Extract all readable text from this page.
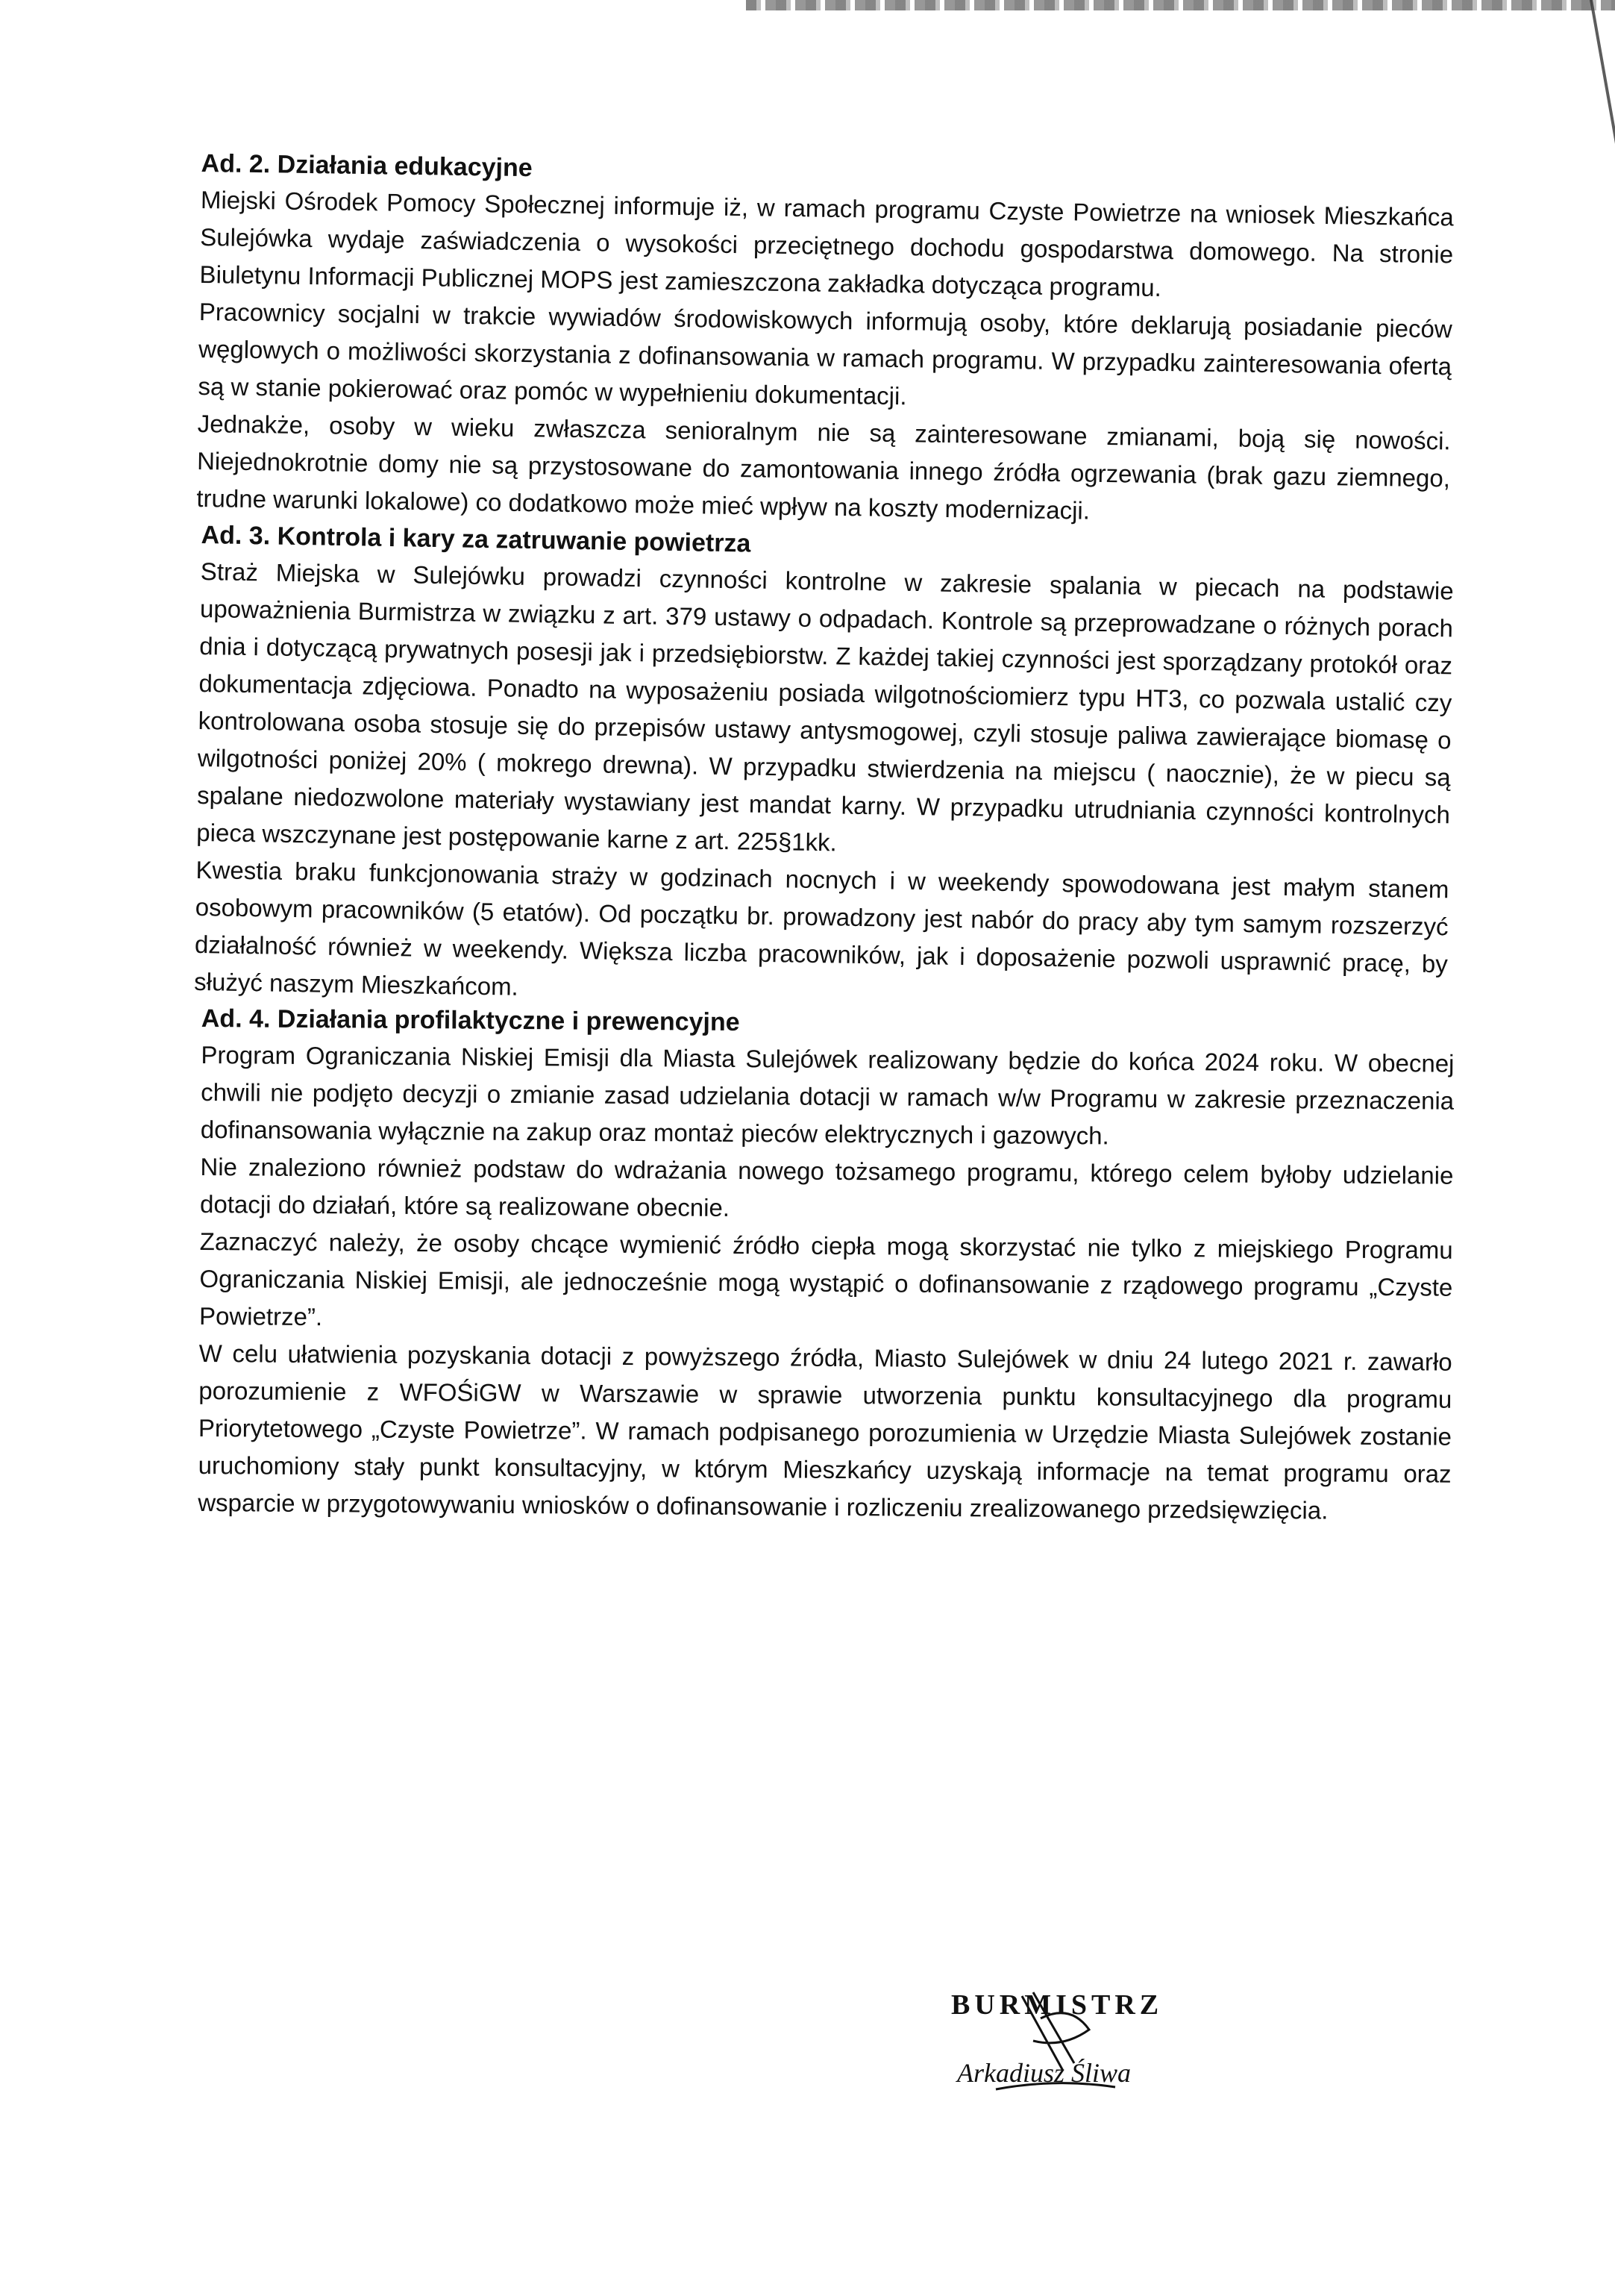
Ad. 2. Działania edukacyjne

Miejski Ośrodek Pomocy Społecznej informuje iż, w ramach programu Czyste Powietrze na wniosek Mieszkańca Sulejówka wydaje zaświadczenia o wysokości przeciętnego dochodu gospodarstwa domowego. Na stronie Biuletynu Informacji Publicznej MOPS jest zamieszczona zakładka dotycząca programu.

Pracownicy socjalni w trakcie wywiadów środowiskowych informują osoby, które deklarują posiadanie pieców węglowych o możliwości skorzystania z dofinansowania w ramach programu. W przypadku zainteresowania ofertą są w stanie pokierować oraz pomóc w wypełnieniu dokumentacji.

Jednakże, osoby w wieku zwłaszcza senioralnym nie są zainteresowane zmianami, boją się nowości. Niejednokrotnie domy nie są przystosowane do zamontowania innego źródła ogrzewania (brak gazu ziemnego, trudne warunki lokalowe) co dodatkowo może mieć wpływ na koszty modernizacji.

Ad. 3. Kontrola i kary za zatruwanie powietrza

Straż Miejska w Sulejówku prowadzi czynności kontrolne w zakresie spalania w piecach na podstawie upoważnienia Burmistrza w związku z art. 379 ustawy o odpadach. Kontrole są przeprowadzane o różnych porach dnia i dotyczącą prywatnych posesji jak i przedsiębiorstw. Z każdej takiej czynności jest sporządzany protokół oraz dokumentacja zdjęciowa. Ponadto na wyposażeniu posiada wilgotnościomierz typu HT3, co pozwala ustalić czy kontrolowana osoba stosuje się do przepisów ustawy antysmogowej, czyli stosuje paliwa zawierające biomasę o wilgotności poniżej 20% ( mokrego drewna). W przypadku stwierdzenia na miejscu ( naocznie), że w piecu są spalane niedozwolone materiały wystawiany jest mandat karny. W przypadku utrudniania czynności kontrolnych pieca wszczynane jest postępowanie karne z art. 225§1kk.

Kwestia braku funkcjonowania straży w godzinach nocnych i w weekendy spowodowana jest małym stanem osobowym pracowników (5 etatów). Od początku br. prowadzony jest nabór do pracy aby tym samym rozszerzyć działalność również w weekendy. Większa liczba pracowników, jak i doposażenie pozwoli usprawnić pracę, by służyć naszym Mieszkańcom.

Ad. 4. Działania profilaktyczne i prewencyjne

Program Ograniczania Niskiej Emisji dla Miasta Sulejówek realizowany będzie do końca 2024 roku. W obecnej chwili nie podjęto decyzji o zmianie zasad udzielania dotacji w ramach w/w Programu w zakresie przeznaczenia dofinansowania wyłącznie na zakup oraz montaż pieców elektrycznych i gazowych.

Nie znaleziono również podstaw do wdrażania nowego tożsamego programu, którego celem byłoby udzielanie dotacji do działań, które są realizowane obecnie.

Zaznaczyć należy, że osoby chcące wymienić źródło ciepła mogą skorzystać nie tylko z miejskiego Programu Ograniczania Niskiej Emisji, ale jednocześnie mogą wystąpić o dofinansowanie z rządowego programu „Czyste Powietrze”.

W celu ułatwienia pozyskania dotacji z powyższego źródła, Miasto Sulejówek w dniu 24 lutego 2021 r. zawarło porozumienie z WFOŚiGW w Warszawie w sprawie utworzenia punktu konsultacyjnego dla programu Priorytetowego „Czyste Powietrze”. W ramach podpisanego porozumienia w Urzędzie Miasta Sulejówek zostanie uruchomiony stały punkt konsultacyjny, w którym Mieszkańcy uzyskają informacje na temat programu oraz wsparcie w przygotowywaniu wniosków o dofinansowanie i rozliczeniu zrealizowanego przedsięwzięcia.

BURMISTRZ
Arkadiusz Śliwa
